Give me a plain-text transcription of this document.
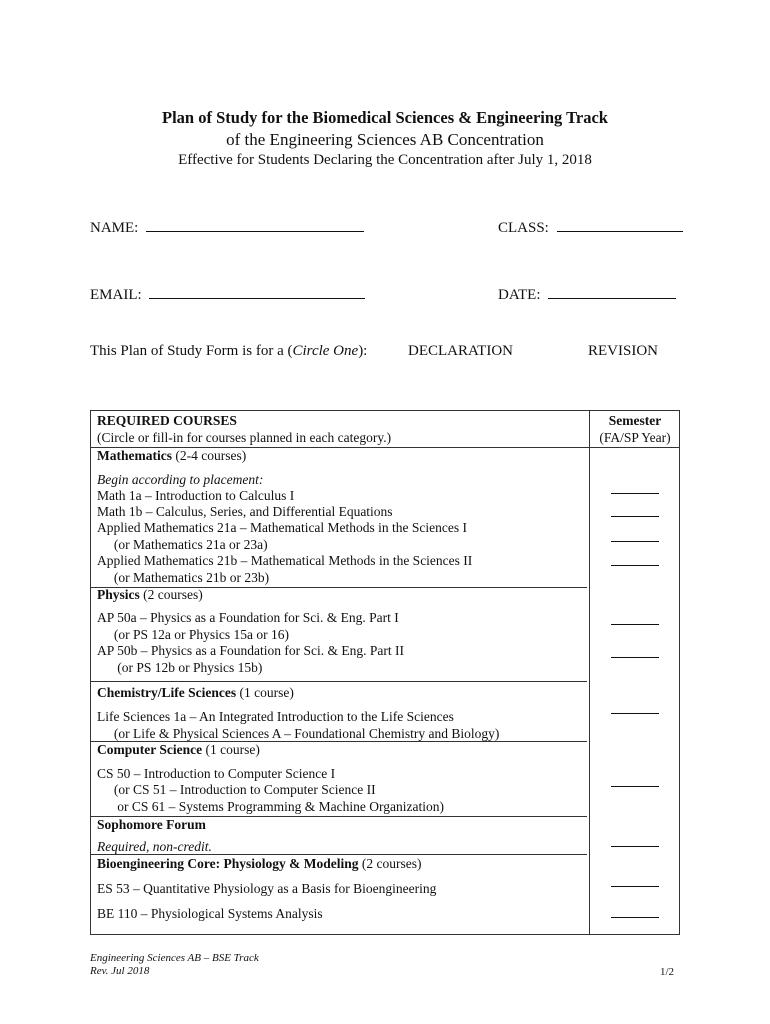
Plan of Study for the Biomedical Sciences & Engineering Track
of the Engineering Sciences AB Concentration
Effective for Students Declaring the Concentration after July 1, 2018
NAME:	CLASS:
EMAIL:	DATE:
This Plan of Study Form is for a (Circle One):	DECLARATION	REVISION
REQUIRED COURSES
(Circle or fill-in for courses planned in each category.)
Semester
(FA/SP Year)
Mathematics (2-4 courses)
Begin according to placement:
Math 1a – Introduction to Calculus I
Math 1b – Calculus, Series, and Differential Equations
Applied Mathematics 21a – Mathematical Methods in the Sciences I
(or Mathematics 21a or 23a)
Applied Mathematics 21b – Mathematical Methods in the Sciences II
(or Mathematics 21b or 23b)
Physics (2 courses)
AP 50a – Physics as a Foundation for Sci. & Eng. Part I
(or PS 12a or Physics 15a or 16)
AP 50b – Physics as a Foundation for Sci. & Eng. Part II
(or PS 12b or Physics 15b)
Chemistry/Life Sciences (1 course)
Life Sciences 1a – An Integrated Introduction to the Life Sciences
(or Life & Physical Sciences A – Foundational Chemistry and Biology)
Computer Science (1 course)
CS 50 – Introduction to Computer Science I
(or CS 51 – Introduction to Computer Science II
or CS 61 – Systems Programming & Machine Organization)
Sophomore Forum
Required, non-credit.
Bioengineering Core: Physiology & Modeling (2 courses)
ES 53 – Quantitative Physiology as a Basis for Bioengineering
BE 110 – Physiological Systems Analysis
Engineering Sciences AB – BSE Track
Rev. Jul 2018	1/2
